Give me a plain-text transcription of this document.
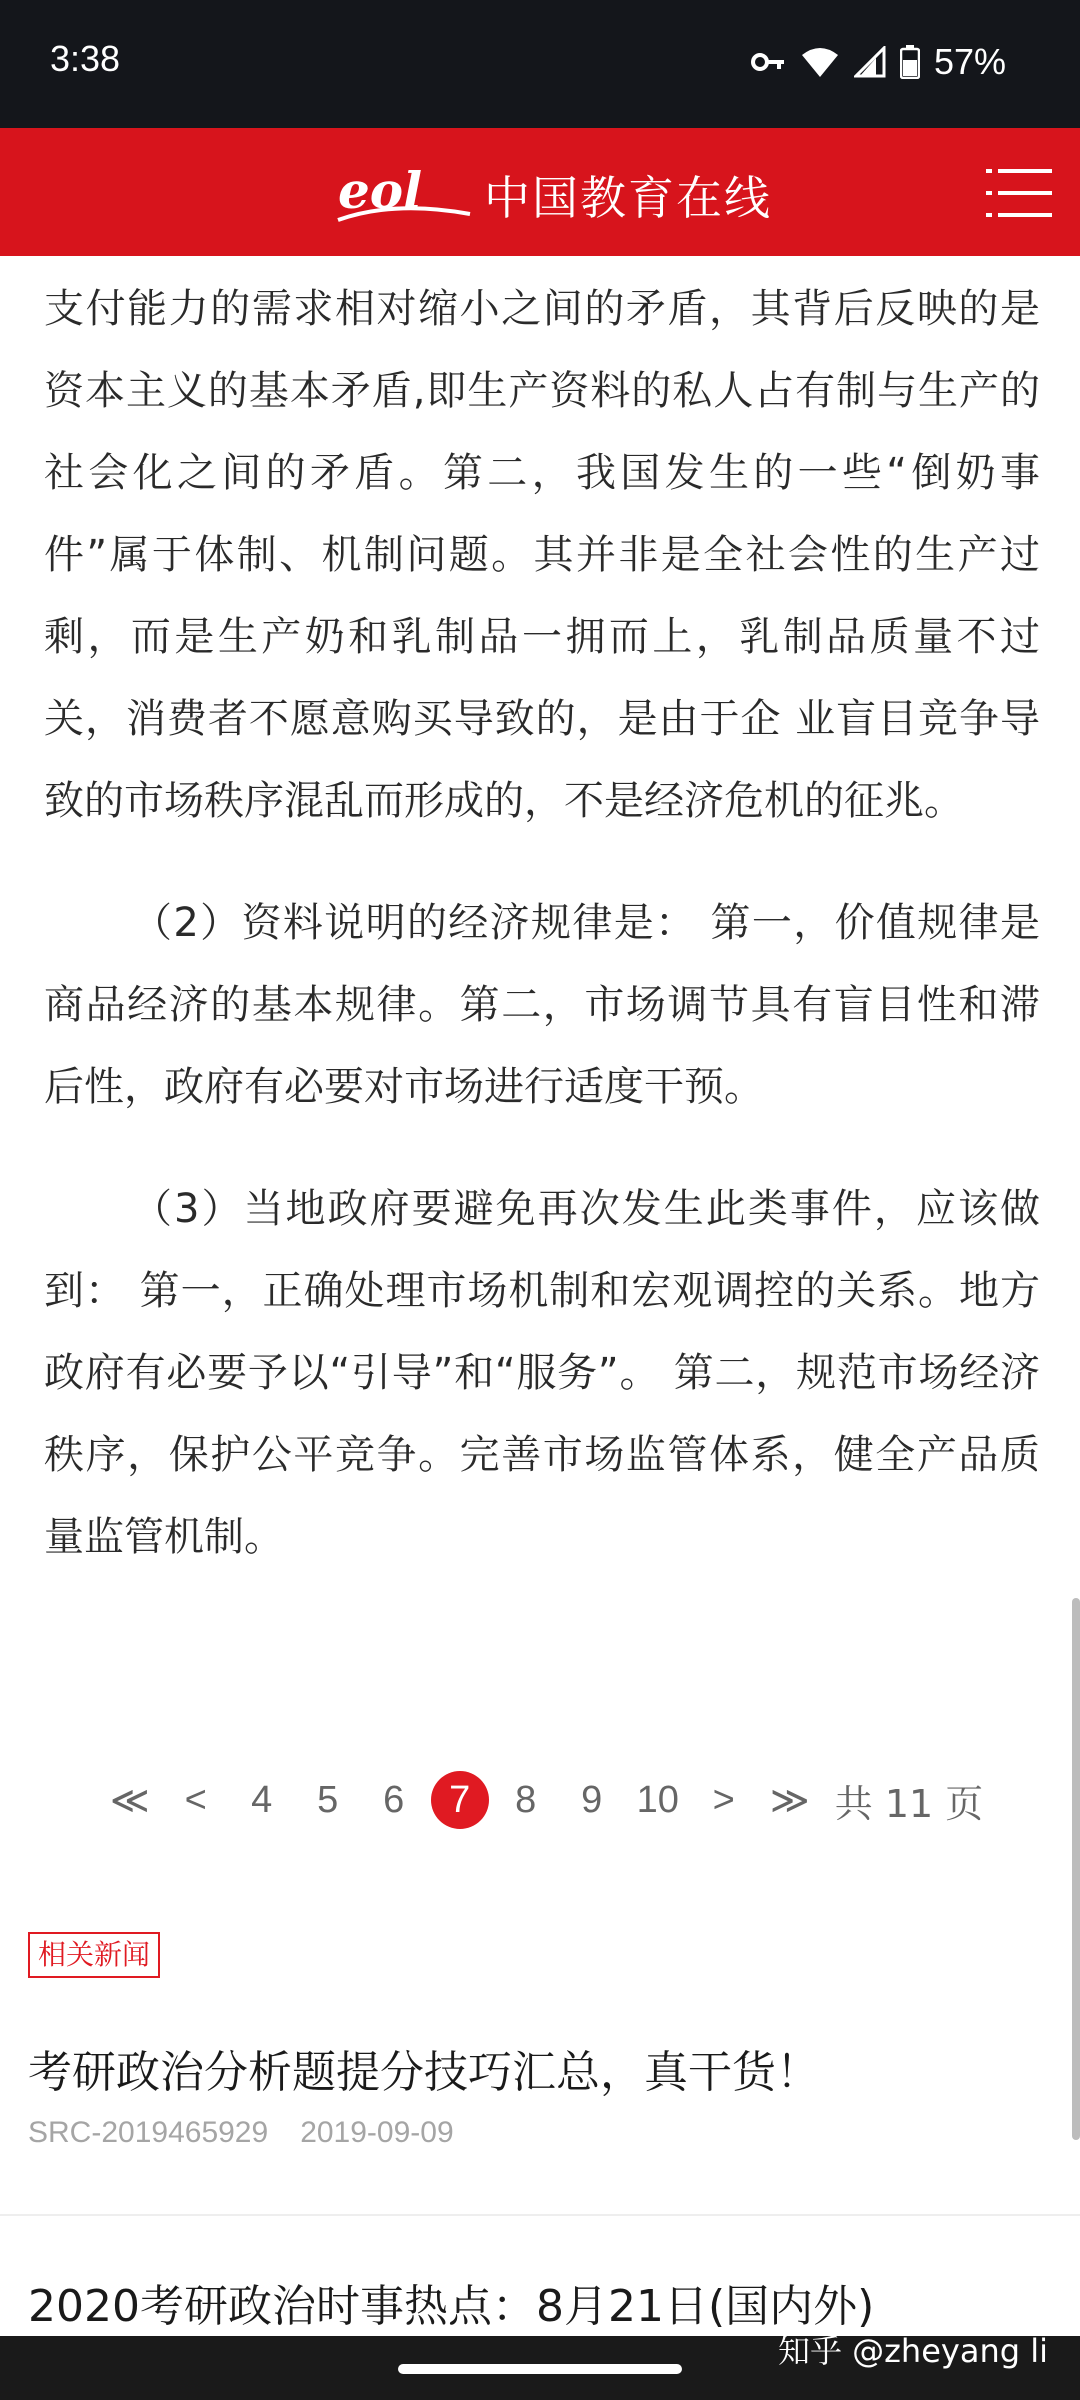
3:38	57%
eol 中国教育在线

支付能力的需求相对缩小之间的矛盾，其背后反映的是资本主义的基本矛盾,即生产资料的私人占有制与生产的社会化之间的矛盾。第二，我国发生的一些“倒奶事件”属于体制、机制问题。其并非是全社会性的生产过 剩，而是生产奶和乳制品一拥而上，乳制品质量不过关，消费者不愿意购买导致的，是由于企 业盲目竞争导致的市场秩序混乱而形成的，不是经济危机的征兆。

（2）资料说明的经济规律是： 第一，价值规律是商品经济的基本规律。第二，市场调节具有盲目性和滞后性，政府有必要对市场进行适度干预。

（3）当地政府要避免再次发生此类事件，应该做到： 第一，正确处理市场机制和宏观调控的关系。地方政府有必要予以“引导”和“服务”。 第二，规范市场经济秩序，保护公平竞争。完善市场监管体系，健全产品质量监管机制。

≪ <	4	5	6	7	8	9 10 > ≫ 共 11 页
相关新闻
考研政治分析题提分技巧汇总，真干货！
SRC-2019465929 2019-09-09
2020考研政治时事热点：8月21日(国内外)
知乎 @zheyang li
